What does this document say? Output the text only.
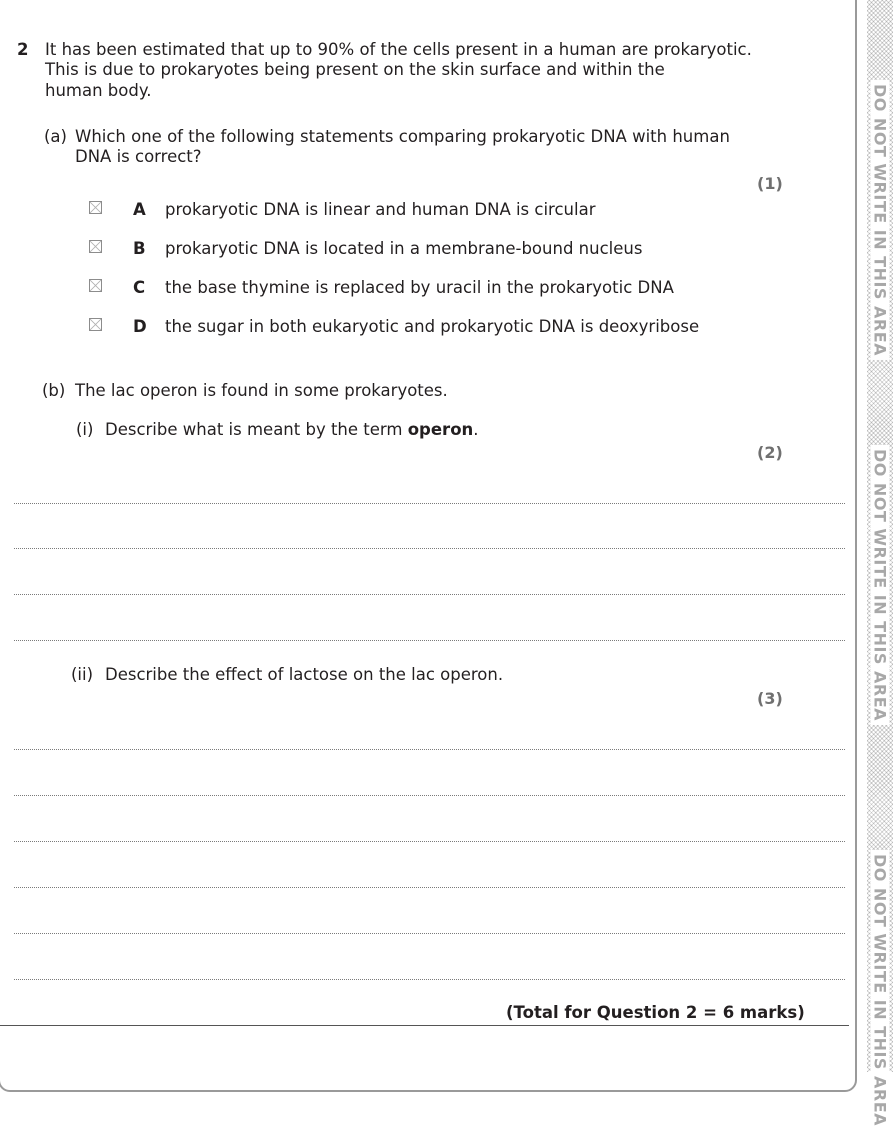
2 It has been estimated that up to 90% of the cells present in a human are prokaryotic.
This is due to prokaryotes being present on the skin surface and within the
human body.
(a) Which one of the following statements comparing prokaryotic DNA with human
DNA is correct?
(1)
A prokaryotic DNA is linear and human DNA is circular
B prokaryotic DNA is located in a membrane-bound nucleus
C the base thymine is replaced by uracil in the prokaryotic DNA
D the sugar in both eukaryotic and prokaryotic DNA is deoxyribose
(b) The lac operon is found in some prokaryotes.
(i) Describe what is meant by the term operon.
(2)
(ii) Describe the effect of lactose on the lac operon.
(3)
(Total for Question 2 = 6 marks)
DO NOT WRITE IN THIS AREA
DO NOT WRITE IN THIS AREA
DO NOT WRITE IN THIS AREA
